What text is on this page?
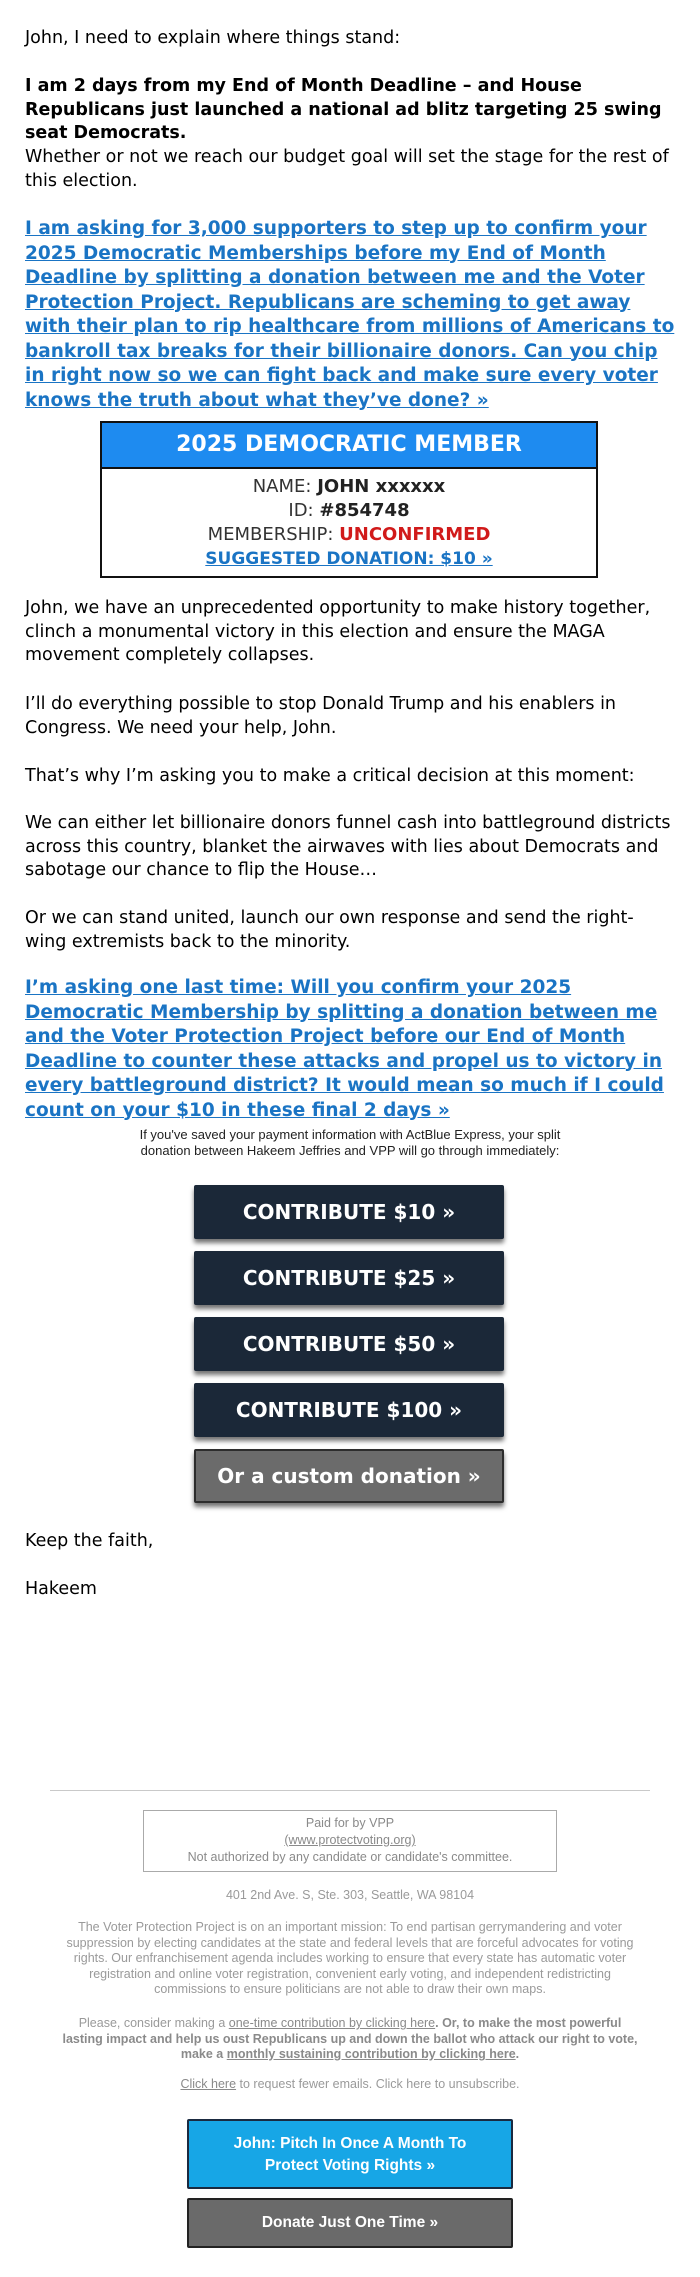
John, I need to explain where things stand:

I am 2 days from my End of Month Deadline – and House Republicans just launched a national ad blitz targeting 25 swing seat Democrats.

Whether or not we reach our budget goal will set the stage for the rest of this election.

I am asking for 3,000 supporters to step up to confirm your 2025 Democratic Memberships before my End of Month Deadline by splitting a donation between me and the Voter Protection Project. Republicans are scheming to get away with their plan to rip healthcare from millions of Americans to bankroll tax breaks for their billionaire donors. Can you chip in right now so we can fight back and make sure every voter knows the truth about what they’ve done? »

2025 DEMOCRATIC MEMBER
NAME: JOHN xxxxxx
ID: #854748
MEMBERSHIP: UNCONFIRMED
SUGGESTED DONATION: $10 »

John, we have an unprecedented opportunity to make history together, clinch a monumental victory in this election and ensure the MAGA movement completely collapses.

I’ll do everything possible to stop Donald Trump and his enablers in Congress. We need your help, John.

That’s why I’m asking you to make a critical decision at this moment:

We can either let billionaire donors funnel cash into battleground districts across this country, blanket the airwaves with lies about Democrats and sabotage our chance to flip the House…

Or we can stand united, launch our own response and send the right-wing extremists back to the minority.

I’m asking one last time: Will you confirm your 2025 Democratic Membership by splitting a donation between me and the Voter Protection Project before our End of Month Deadline to counter these attacks and propel us to victory in every battleground district? It would mean so much if I could count on your $10 in these final 2 days »

If you've saved your payment information with ActBlue Express, your split donation between Hakeem Jeffries and VPP will go through immediately:
CONTRIBUTE $10 »
CONTRIBUTE $25 »
CONTRIBUTE $50 »
CONTRIBUTE $100 »
Or a custom donation »
Keep the faith,
Hakeem
Paid for by VPP
(www.protectvoting.org)
Not authorized by any candidate or candidate's committee.
401 2nd Ave. S, Ste. 303, Seattle, WA 98104
The Voter Protection Project is on an important mission: To end partisan gerrymandering and voter suppression by electing candidates at the state and federal levels that are forceful advocates for voting rights. Our enfranchisement agenda includes working to ensure that every state has automatic voter registration and online voter registration, convenient early voting, and independent redistricting commissions to ensure politicians are not able to draw their own maps.
Please, consider making a one-time contribution by clicking here. Or, to make the most powerful lasting impact and help us oust Republicans up and down the ballot who attack our right to vote, make a monthly sustaining contribution by clicking here.
Click here to request fewer emails. Click here to unsubscribe.
John: Pitch In Once A Month To Protect Voting Rights »
Donate Just One Time »
